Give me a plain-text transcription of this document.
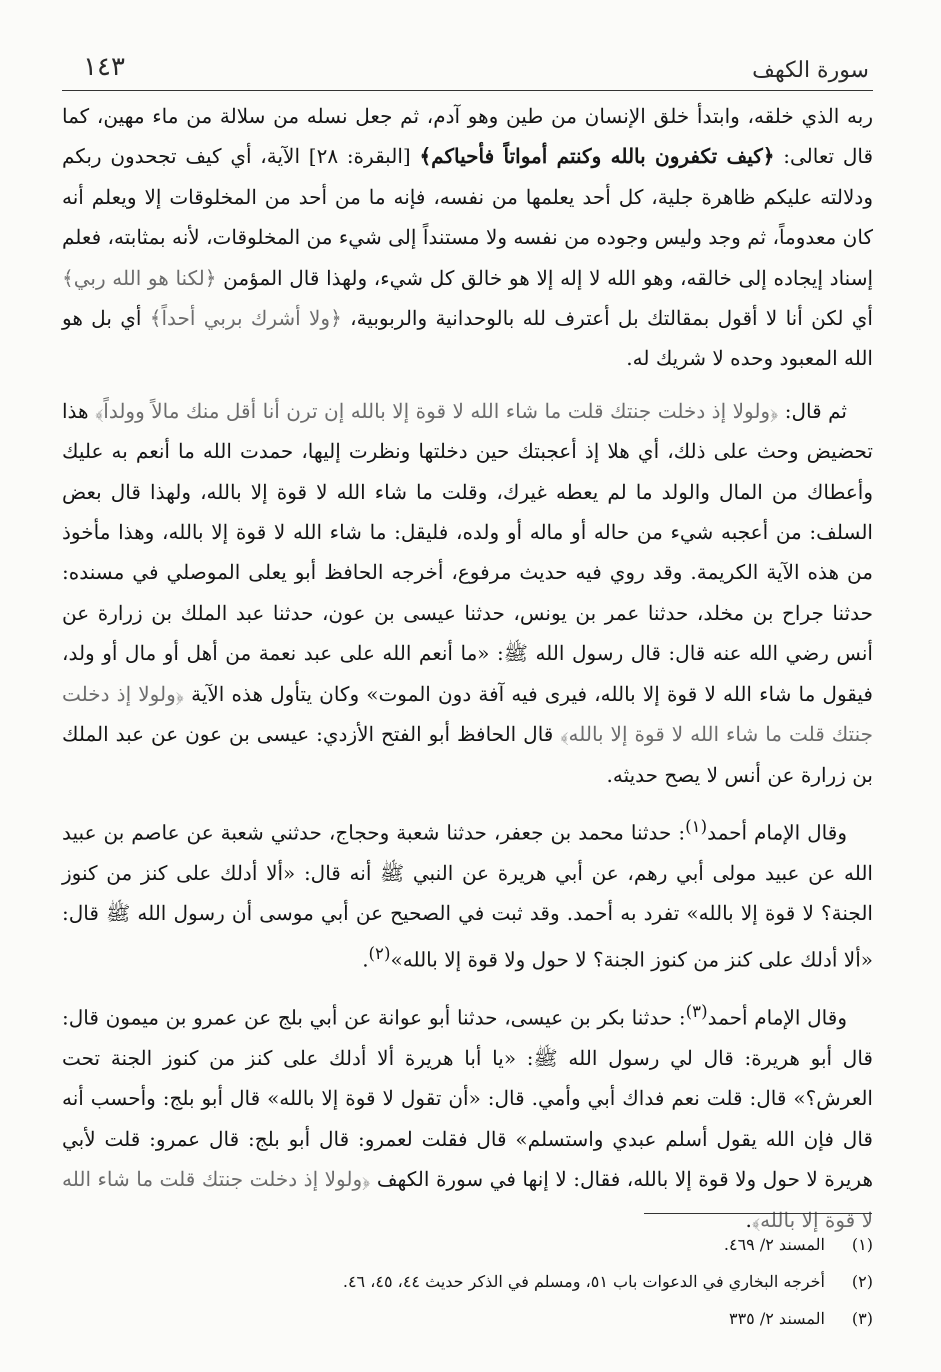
١٤٣	سورة الكهف

ربه الذي خلقه، وابتدأ خلق الإنسان من طين وهو آدم، ثم جعل نسله من سلالة من ماء مهين، كما قال تعالى: ﴿كيف تكفرون بالله وكنتم أمواتاً فأحياكم﴾ [البقرة: ٢٨] الآية، أي كيف تجحدون ربكم ودلالته عليكم ظاهرة جلية، كل أحد يعلمها من نفسه، فإنه ما من أحد من المخلوقات إلا ويعلم أنه كان معدوماً، ثم وجد وليس وجوده من نفسه ولا مستنداً إلى شيء من المخلوقات، لأنه بمثابته، فعلم إسناد إيجاده إلى خالقه، وهو الله لا إله إلا هو خالق كل شيء، ولهذا قال المؤمن ﴿لكنا هو الله ربي﴾ أي لكن أنا لا أقول بمقالتك بل أعترف لله بالوحدانية والربوبية، ﴿ولا أشرك بربي أحداً﴾ أي بل هو الله المعبود وحده لا شريك له.

ثم قال: ﴿ولولا إذ دخلت جنتك قلت ما شاء الله لا قوة إلا بالله إن ترن أنا أقل منك مالاً وولداً﴾ هذا تحضيض وحث على ذلك، أي هلا إذ أعجبتك حين دخلتها ونظرت إليها، حمدت الله ما أنعم به عليك وأعطاك من المال والولد ما لم يعطه غيرك، وقلت ما شاء الله لا قوة إلا بالله، ولهذا قال بعض السلف: من أعجبه شيء من حاله أو ماله أو ولده، فليقل: ما شاء الله لا قوة إلا بالله، وهذا مأخوذ من هذه الآية الكريمة. وقد روي فيه حديث مرفوع، أخرجه الحافظ أبو يعلى الموصلي في مسنده: حدثنا جراح بن مخلد، حدثنا عمر بن يونس، حدثنا عيسى بن عون، حدثنا عبد الملك بن زرارة عن أنس رضي الله عنه قال: قال رسول الله ﷺ: «ما أنعم الله على عبد نعمة من أهل أو مال أو ولد، فيقول ما شاء الله لا قوة إلا بالله، فيرى فيه آفة دون الموت» وكان يتأول هذه الآية ﴿ولولا إذ دخلت جنتك قلت ما شاء الله لا قوة إلا بالله﴾ قال الحافظ أبو الفتح الأزدي: عيسى بن عون عن عبد الملك بن زرارة عن أنس لا يصح حديثه.

وقال الإمام أحمد$^{(١)}$: حدثنا محمد بن جعفر، حدثنا شعبة وحجاج، حدثني شعبة عن عاصم بن عبيد الله عن عبيد مولى أبي رهم، عن أبي هريرة عن النبي ﷺ أنه قال: «ألا أدلك على كنز من كنوز الجنة؟ لا قوة إلا بالله» تفرد به أحمد. وقد ثبت في الصحيح عن أبي موسى أن رسول الله ﷺ قال: «ألا أدلك على كنز من كنوز الجنة؟ لا حول ولا قوة إلا بالله»$^{(٢)}$.

وقال الإمام أحمد$^{(٣)}$: حدثنا بكر بن عيسى، حدثنا أبو عوانة عن أبي بلج عن عمرو بن ميمون قال: قال أبو هريرة: قال لي رسول الله ﷺ: «يا أبا هريرة ألا أدلك على كنز من كنوز الجنة تحت العرش؟» قال: قلت نعم فداك أبي وأمي. قال: «أن تقول لا قوة إلا بالله» قال أبو بلج: وأحسب أنه قال فإن الله يقول أسلم عبدي واستسلم» قال فقلت لعمرو: قال أبو بلج: قال عمرو: قلت لأبي هريرة لا حول ولا قوة إلا بالله، فقال: لا إنها في سورة الكهف ﴿ولولا إذ دخلت جنتك قلت ما شاء الله لا قوة إلا بالله﴾.

(١)
المسند ٢/ ٤٦٩.
(٢)
أخرجه البخاري في الدعوات باب ٥١، ومسلم في الذكر حديث ٤٤، ٤٥، ٤٦.
(٣)
المسند ٢/ ٣٣٥
